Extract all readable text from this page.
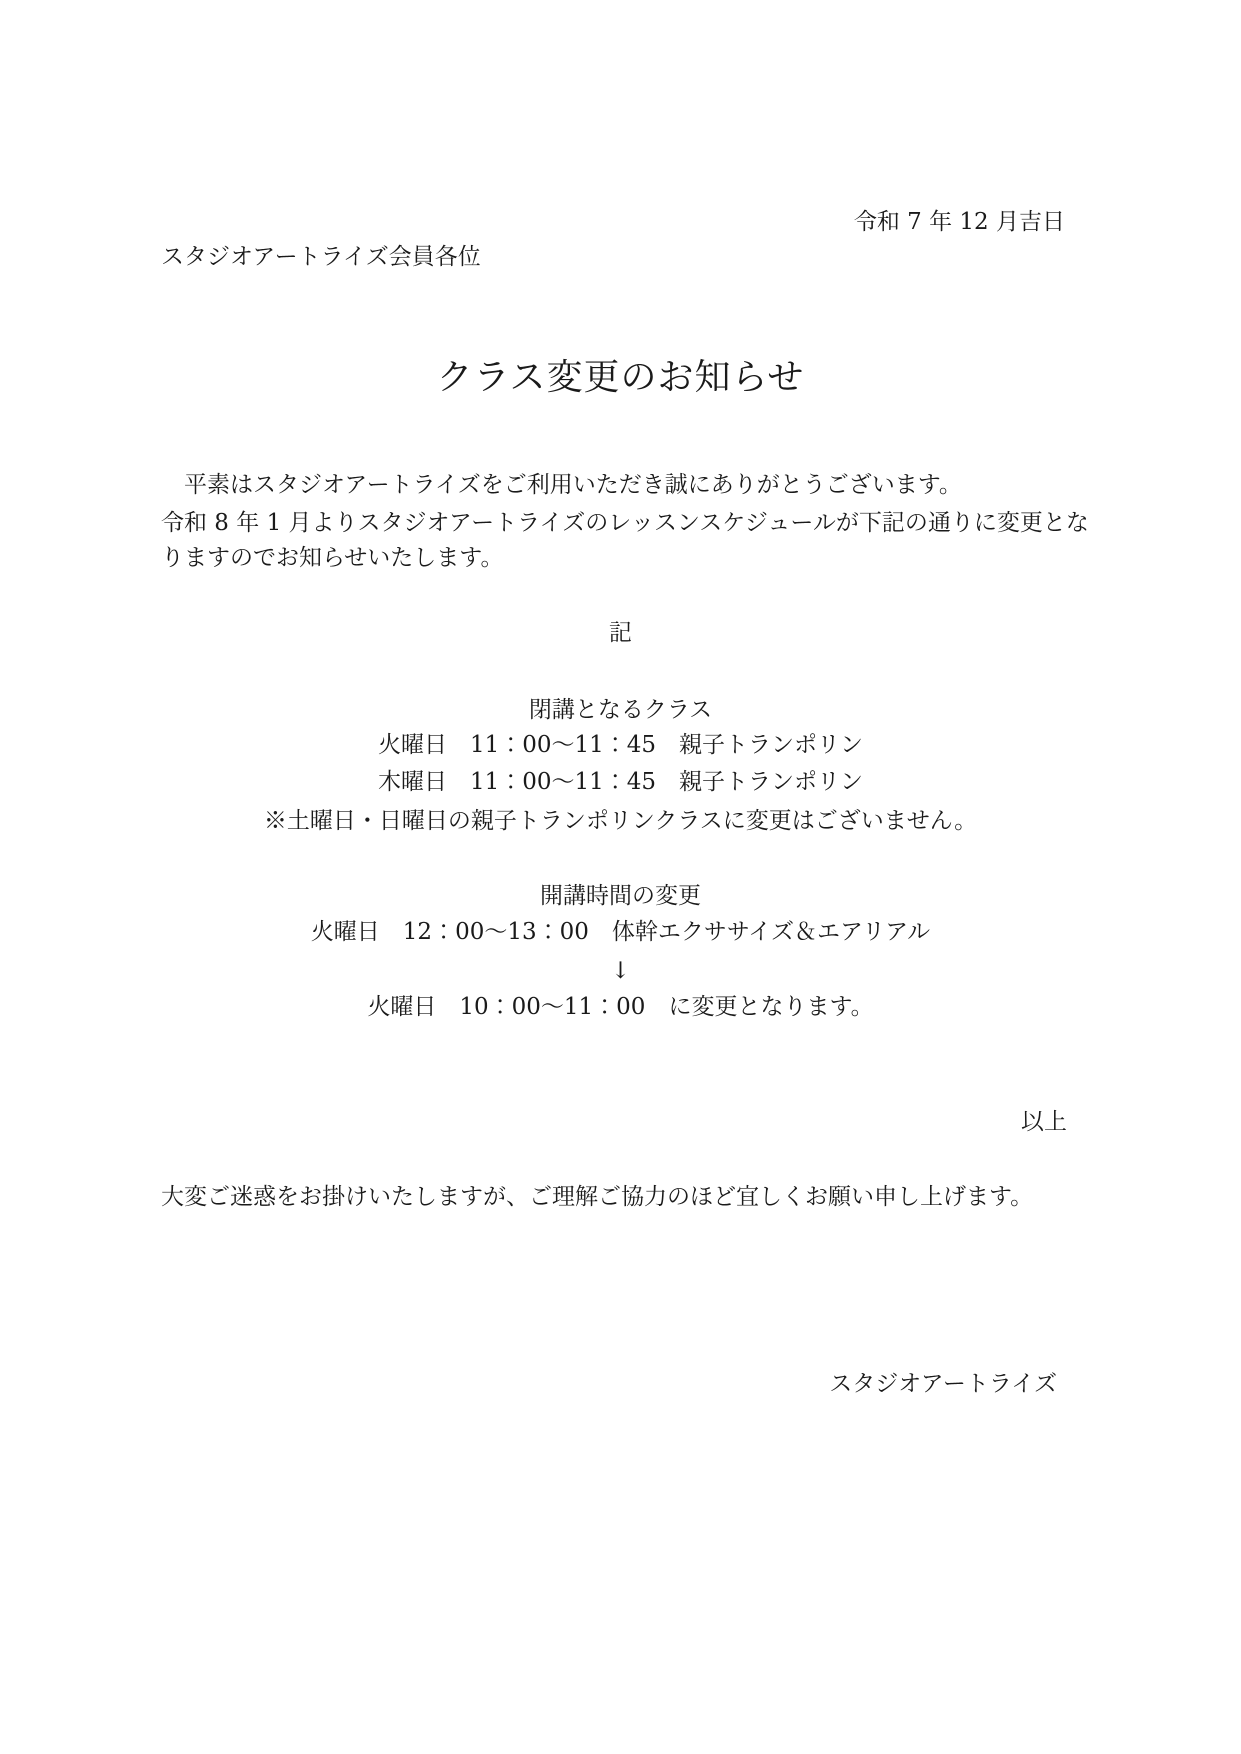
令和 7 年 12 月吉日
スタジオアートライズ会員各位
クラス変更のお知らせ
　平素はスタジオアートライズをご利用いただき誠にありがとうございます。
令和 8 年 1 月よりスタジオアートライズのレッスンスケジュールが下記の通りに変更とな
りますのでお知らせいたします。
記
閉講となるクラス
火曜日　11：00～11：45　親子トランポリン
木曜日　11：00～11：45　親子トランポリン
※土曜日・日曜日の親子トランポリンクラスに変更はございません。
開講時間の変更
火曜日　12：00～13：00　体幹エクササイズ＆エアリアル
↓
火曜日　10：00～11：00　に変更となります。
以上
大変ご迷惑をお掛けいたしますが、ご理解ご協力のほど宜しくお願い申し上げます。
スタジオアートライズ
